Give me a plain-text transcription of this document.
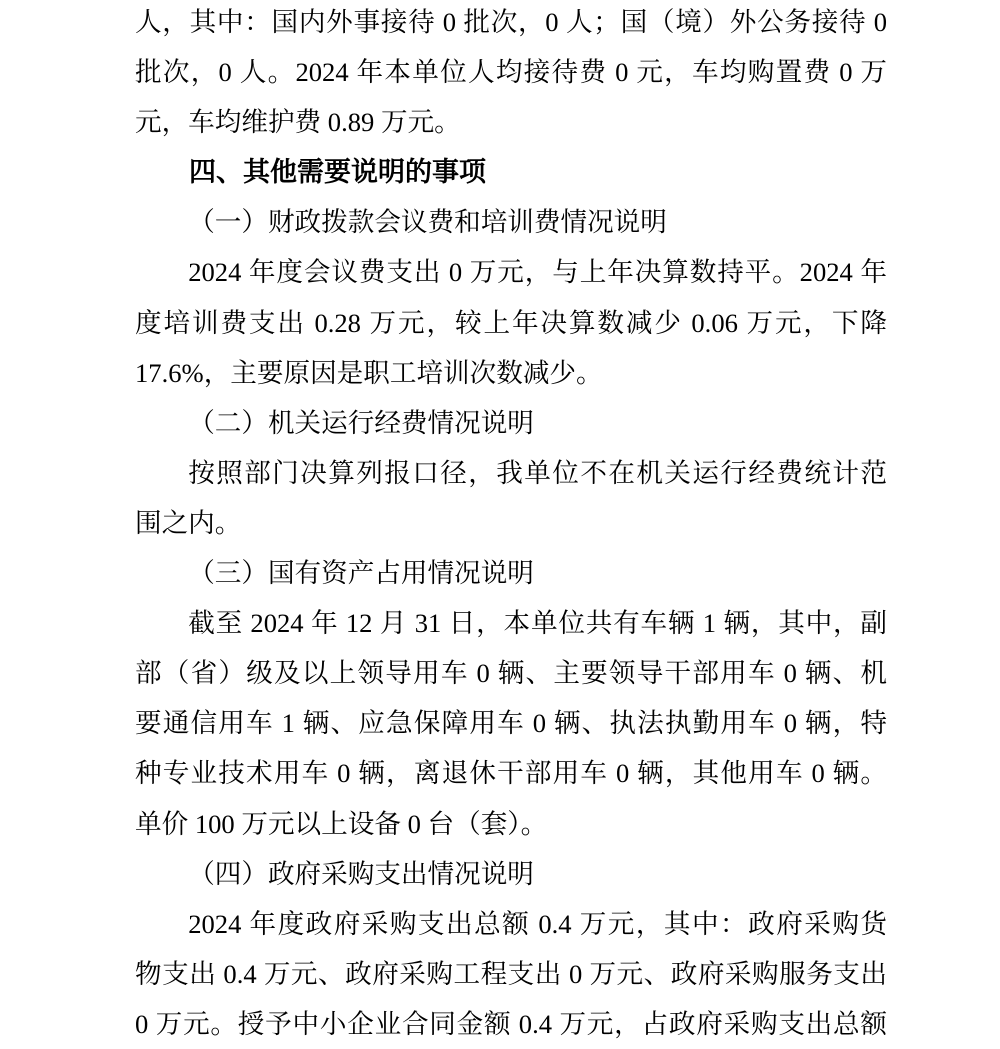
人，其中：国内外事接待 0 批次，0 人；国（境）外公务接待 0
批次，0 人。2024 年本单位人均接待费 0 元，车均购置费 0 万
元，车均维护费 0.89 万元。
四、其他需要说明的事项
（一）财政拨款会议费和培训费情况说明
2024 年度会议费支出 0 万元，与上年决算数持平。2024 年
度培训费支出 0.28 万元，较上年决算数减少 0.06 万元，下降
17.6%，主要原因是职工培训次数减少。
（二）机关运行经费情况说明
按照部门决算列报口径，我单位不在机关运行经费统计范
围之内。
（三）国有资产占用情况说明
截至 2024 年 12 月 31 日，本单位共有车辆 1 辆，其中，副
部（省）级及以上领导用车 0 辆、主要领导干部用车 0 辆、机
要通信用车 1 辆、应急保障用车 0 辆、执法执勤用车 0 辆，特
种专业技术用车 0 辆，离退休干部用车 0 辆，其他用车 0 辆。
单价 100 万元以上设备 0 台（套）。
（四）政府采购支出情况说明
2024 年度政府采购支出总额 0.4 万元，其中：政府采购货
物支出 0.4 万元、政府采购工程支出 0 万元、政府采购服务支出
0 万元。授予中小企业合同金额 0.4 万元，占政府采购支出总额
